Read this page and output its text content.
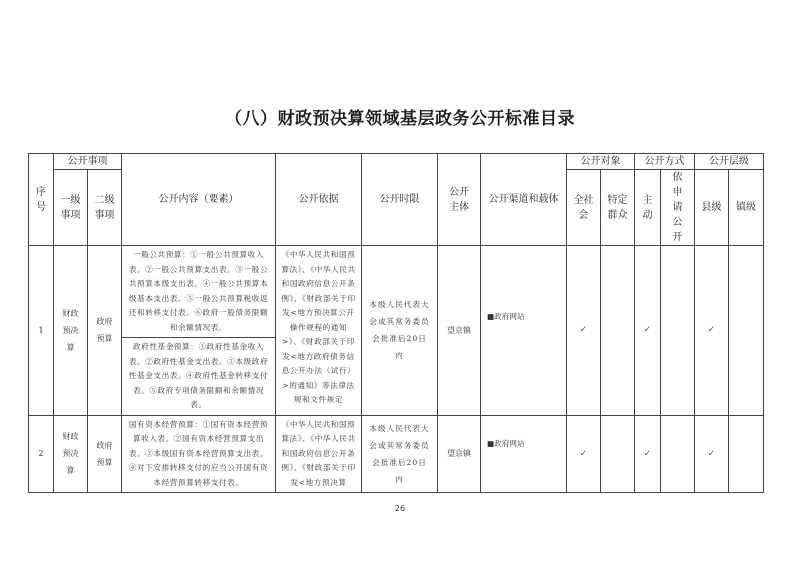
（八）财政预决算领域基层政务公开标准目录
序号	公开事项		公开内容（要素）	公开依据	公开时限	公开主体	公开渠道和载体	公开对象		公开方式		公开层级	
	一级事项	二级事项						全社会	特定群众	主动	依申请公开	县级	镇级
1	财政预决算	政府预算	一般公共预算：①一般公共预算收入表。②一般公共预算支出表。③一般公共预算本级支出表。④一般公共预算本级基本支出表。⑤一般公共预算税收返还和转移支付表。⑥政府一般债务限额和余额情况表。	《中华人民共和国预算法》、《中华人民共和国政府信息公开条例》、《财政部关于印发<地方预决算公开操作规程的通知>》、《财政部关于印发<地方政府债务信息公开办法（试行）>的通知》等法律法规和文件规定	本级人民代表大会或其常务委员会批准后20日内	望京镇	■政府网站	✓		✓		✓	
			政府性基金预算：①政府性基金收入表。②政府性基金支出表。③本级政府性基金支出表。④政府性基金转移支付表。⑤政府专项债务限额和余额情况表。										
2	财政预决算	政府预算	国有资本经营预算：①国有资本经营预算收入表。②国有资本经营预算支出表。③本级国有资本经营预算支出表。④对下安排转移支付的应当公开国有资本经营预算转移支付表。	《中华人民共和国预算法》、《中华人民共和国政府信息公开条例》、《财政部关于印发<地方预决算	本级人民代表大会或其常务委员会批准后20日内	望京镇	■政府网站	✓		✓		✓	
26
